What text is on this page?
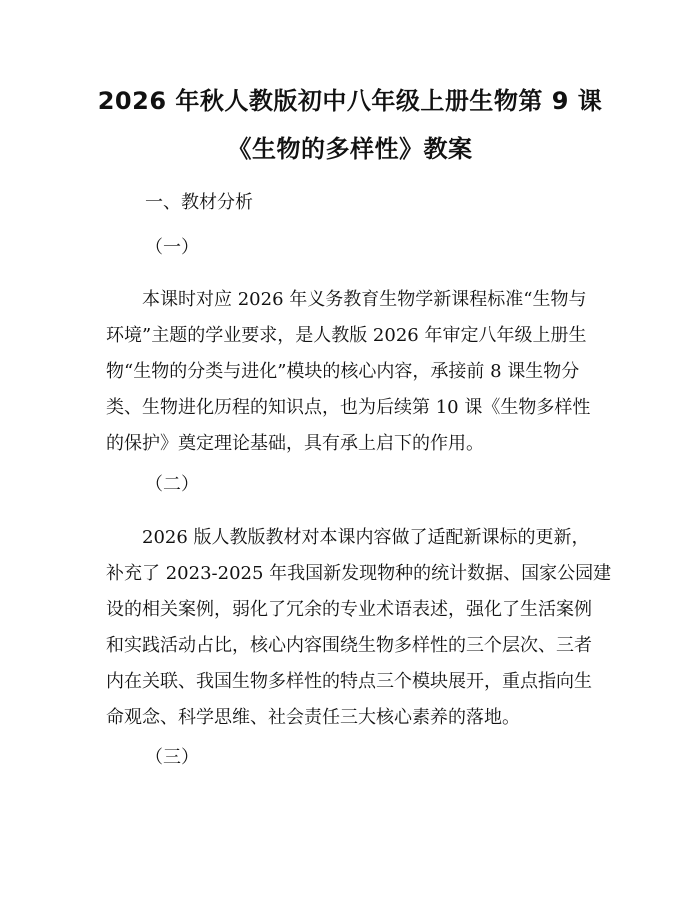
2026 年秋人教版初中八年级上册生物第 9 课
《生物的多样性》教案

一、教材分析

（一）

本课时对应 2026 年义务教育生物学新课程标准“生物与
环境”主题的学业要求，是人教版 2026 年审定八年级上册生
物“生物的分类与进化”模块的核心内容，承接前 8 课生物分
类、生物进化历程的知识点，也为后续第 10 课《生物多样性
的保护》奠定理论基础，具有承上启下的作用。

（二）

2026 版人教版教材对本课内容做了适配新课标的更新，
补充了 2023-2025 年我国新发现物种的统计数据、国家公园建
设的相关案例，弱化了冗余的专业术语表述，强化了生活案例
和实践活动占比，核心内容围绕生物多样性的三个层次、三者
内在关联、我国生物多样性的特点三个模块展开，重点指向生
命观念、科学思维、社会责任三大核心素养的落地。

（三）
